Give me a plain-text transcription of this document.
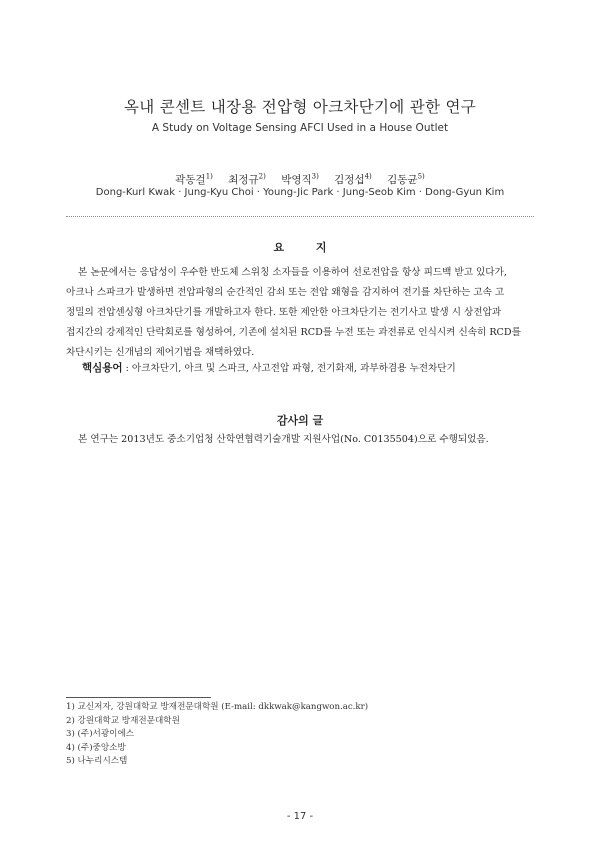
옥내 콘센트 내장용 전압형 아크차단기에 관한 연구
A Study on Voltage Sensing AFCI Used in a House Outlet
곽동걸$^{1)}$ 최정규$^{2)}$ 박영직$^{3)}$ 김정섭$^{4)}$ 김동균$^{5)}$
Dong-Kurl Kwak · Jung-Kyu Choi · Young-Jic Park · Jung-Seob Kim · Dong-Gyun Kim
요 지
본 논문에서는 응답성이 우수한 반도체 스위칭 소자들을 이용하여 선로전압을 항상 피드백 받고 있다가,
아크나 스파크가 발생하면 전압파형의 순간적인 감쇠 또는 전압 왜형을 감지하여 전기를 차단하는 고속 고
정밀의 전압센싱형 아크차단기를 개발하고자 한다. 또한 제안한 아크차단기는 전기사고 발생 시 상전압과
접지간의 강제적인 단락회로를 형성하여, 기존에 설치된 RCD를 누전 또는 과전류로 인식시켜 신속히 RCD를
차단시키는 신개념의 제어기법을 채택하였다.
핵심용어 : 아크차단기, 아크 및 스파크, 사고전압 파형, 전기화재, 과부하겸용 누전차단기
감사의 글
본 연구는 2013년도 중소기업청 산학연협력기술개발 지원사업(No. C0135504)으로 수행되었음.
1) 교신저자, 강원대학교 방재전문대학원 (E-mail: dkkwak@kangwon.ac.kr)
2) 강원대학교 방재전문대학원
3) (주)서광이에스
4) (주)중앙소방
5) 나누리시스템
- 17 -
